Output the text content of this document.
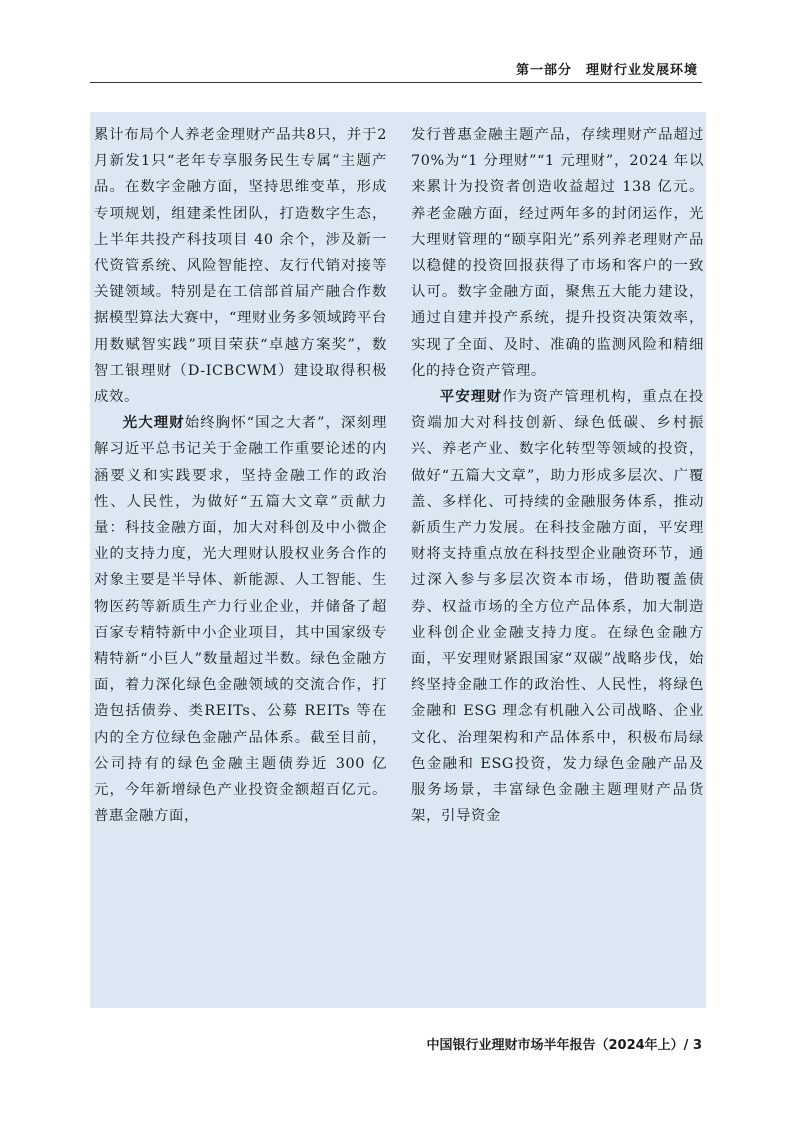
第一部分　理财行业发展环境

累计布局个人养老金理财产品共8只，并于2月新发1只“老年专享服务民生专属”主题产品。在数字金融方面，坚持思维变革，形成专项规划，组建柔性团队，打造数字生态，上半年共投产科技项目 40 余个，涉及新一代资管系统、风险智能控、友行代销对接等关键领域。特别是在工信部首届产融合作数据模型算法大赛中，“理财业务多领域跨平台用数赋智实践”项目荣获“卓越方案奖”，数智工银理财（D-ICBCWM）建设取得积极成效。

光大理财始终胸怀“国之大者”，深刻理解习近平总书记关于金融工作重要论述的内涵要义和实践要求，坚持金融工作的政治性、人民性，为做好“五篇大文章”贡献力量：科技金融方面，加大对科创及中小微企业的支持力度，光大理财认股权业务合作的对象主要是半导体、新能源、人工智能、生物医药等新质生产力行业企业，并储备了超百家专精特新中小企业项目，其中国家级专精特新“小巨人”数量超过半数。绿色金融方面，着力深化绿色金融领域的交流合作，打造包括债券、类REITs、公募 REITs 等在内的全方位绿色金融产品体系。截至目前，公司持有的绿色金融主题债券近 300 亿元，今年新增绿色产业投资金额超百亿元。普惠金融方面，

发行普惠金融主题产品，存续理财产品超过 70%为“1 分理财”“1 元理财”，2024 年以来累计为投资者创造收益超过 138 亿元。养老金融方面，经过两年多的封闭运作，光大理财管理的“颐享阳光”系列养老理财产品以稳健的投资回报获得了市场和客户的一致认可。数字金融方面，聚焦五大能力建设，通过自建并投产系统，提升投资决策效率，实现了全面、及时、准确的监测风险和精细化的持仓资产管理。

平安理财作为资产管理机构，重点在投资端加大对科技创新、绿色低碳、乡村振兴、养老产业、数字化转型等领域的投资，做好“五篇大文章”，助力形成多层次、广覆盖、多样化、可持续的金融服务体系，推动新质生产力发展。在科技金融方面，平安理财将支持重点放在科技型企业融资环节，通过深入参与多层次资本市场，借助覆盖债券、权益市场的全方位产品体系，加大制造业科创企业金融支持力度。在绿色金融方面，平安理财紧跟国家“双碳”战略步伐，始终坚持金融工作的政治性、人民性，将绿色金融和 ESG 理念有机融入公司战略、企业文化、治理架构和产品体系中，积极布局绿色金融和 ESG投资，发力绿色金融产品及服务场景，丰富绿色金融主题理财产品货架，引导资金

中国银行业理财市场半年报告（2024年上）/ 3
